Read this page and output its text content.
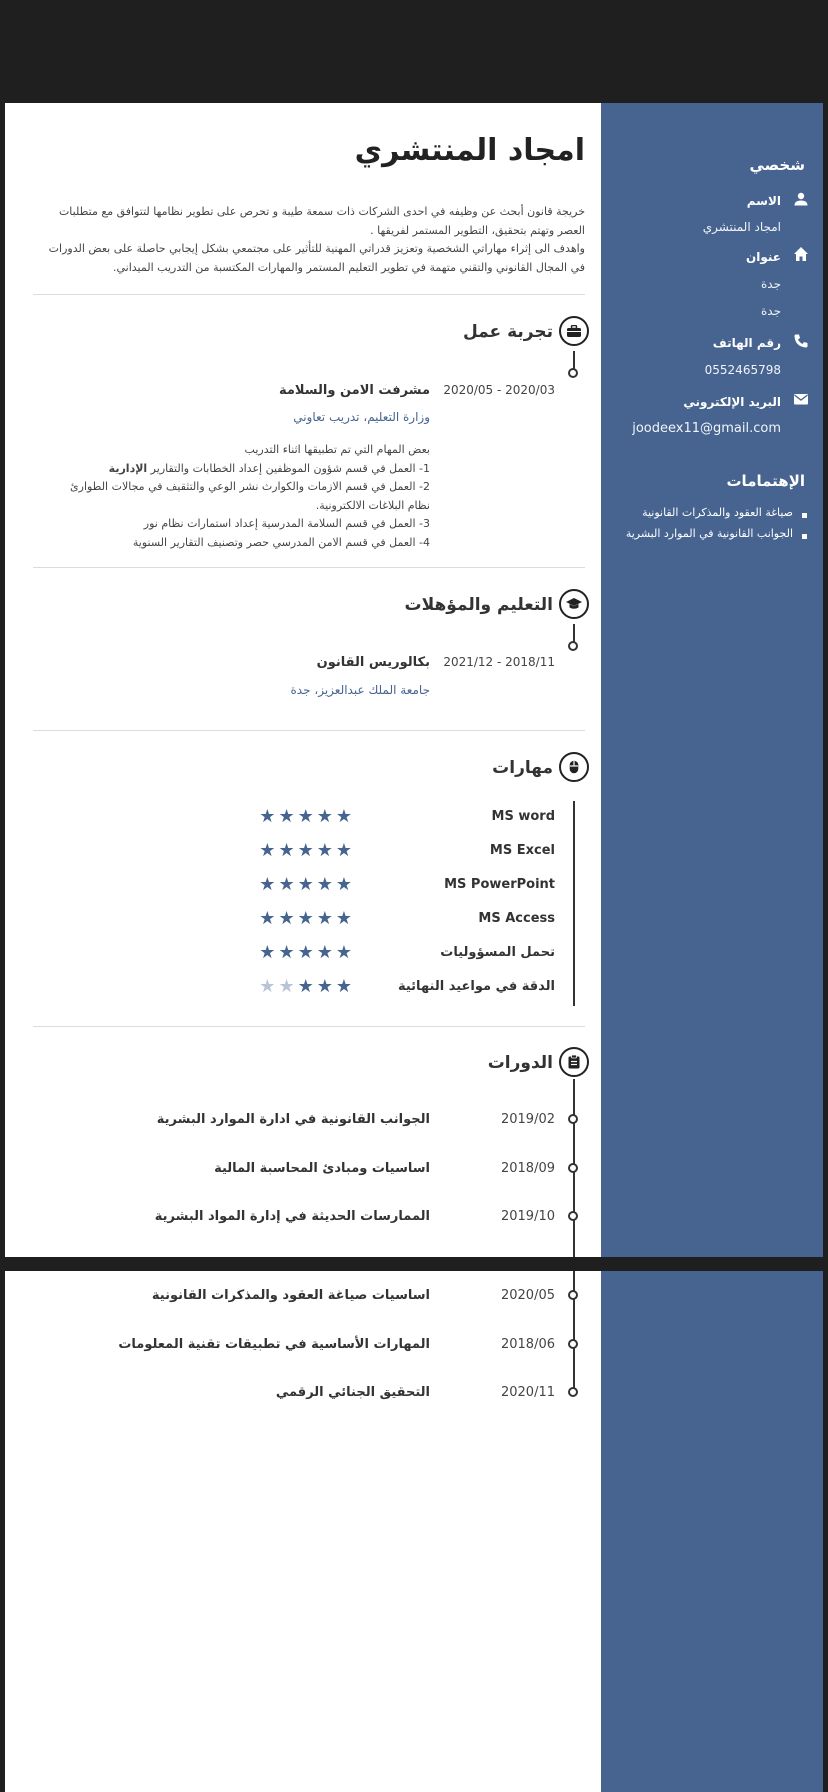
امجاد المنتشري
خريجة قانون أبحث عن وظيفه في احدى الشركات ذات سمعة طيبة و تحرص على تطوير نظامها لتتوافق مع متطلبات العصر وتهتم بتحقيق، التطوير المستمر لفريقها .
واهدف الى إثراء مهاراتي الشخصية وتعزيز قدراتي المهنية للتأثير على مجتمعي بشكل إيجابي حاصلة على بعض الدورات في المجال القانوني والتقني متهمة في تطوير التعليم المستمر والمهارات المكتسبة من التدريب الميداني.
تجربة عمل
2020/03 - 2020/05
مشرفت الامن والسلامة
وزارة التعليم، تدريب تعاوني
بعض المهام التي تم تطبيقها اثناء التدريب
1- العمل في قسم شؤون الموظفين إعداد الخطابات والتقارير الإدارية
2- العمل في قسم الازمات والكوارث نشر الوعي والتثقيف في مجالات الطوارئ نظام البلاغات الالكترونية.
3- العمل في قسم السلامة المدرسية إعداد استمارات نظام نور
4- العمل في قسم الامن المدرسي حصر وتصنيف التقارير السنوية
التعليم والمؤهلات
2018/11 - 2021/12
بكالوريس القانون
جامعة الملك عبدالعزيز، جدة
مهارات
MS word
★★★★★
MS Excel
★★★★★
MS PowerPoint
★★★★★
MS Access
★★★★★
تحمل المسؤوليات
★★★★★
الدقة في مواعيد النهائية
★★★★★
الدورات
2019/02
الجوانب القانونية في ادارة الموارد البشرية
2018/09
اساسيات ومبادئ المحاسبة المالية
2019/10
الممارسات الحديثة في إدارة المواد البشرية
شخصي
الاسم
امجاد المنتشري
عنوان
جدة
جدة
رقم الهاتف
0552465798
البريد الإلكتروني
joodeex11@gmail.com
الإهتمامات
صياغة العقود والمذكرات القانونية
الجوانب القانونية في الموارد البشرية
2020/05
اساسيات صياغة العقود والمذكرات القانونية
2018/06
المهارات الأساسية في تطبيقات تقنية المعلومات
2020/11
التحقيق الجنائي الرقمي
